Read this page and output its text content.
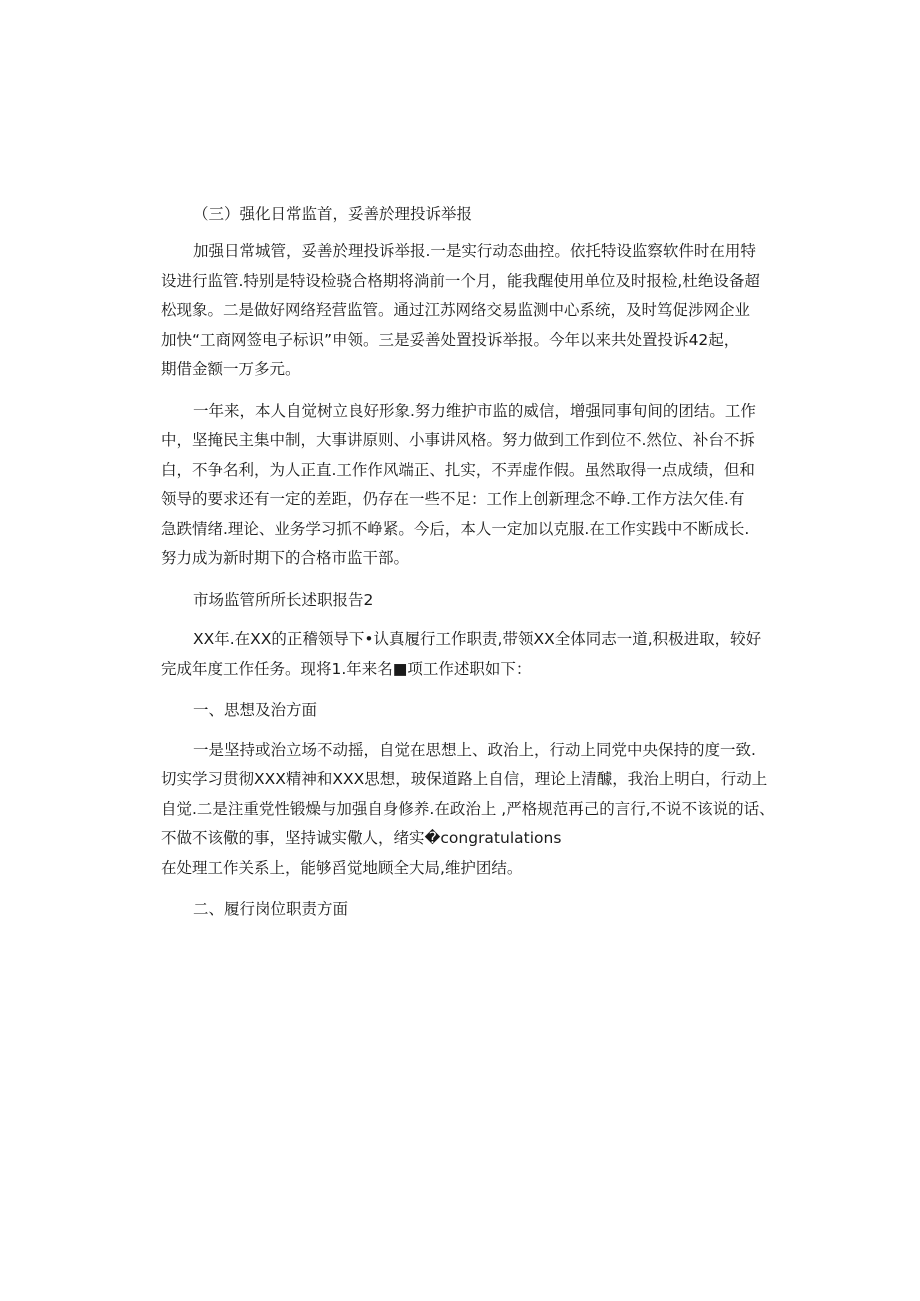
（三）强化日常监首，妥善於理投诉举报

加强日常城管，妥善於理投诉举报.一是实行动态曲控。依托特设监察软件时在用特
设进行监管.特别是特设检骁合格期将淌前一个月，能我醒使用单位及时报检,杜绝设备超
松现象。二是做好网络羟营监管。通过江苏网络交易监测中心系统，及时笃促涉网企业
加快“工商网签电子标识”申领。三是妥善处置投诉举报。今年以来共处置投诉42起，
期借金额一万多元。
一年来，本人自觉树立良好形象.努力维护市监的威信，增强同事旬间的团结。工作
中，坚掩民主集中制，大事讲原则、小事讲风格。努力做到工作到位不.然位、补台不拆
白，不争名利，为人正直.工作作风端正、扎实，不弄虚作假。虽然取得一点成绩，但和
领导的要求还有一定的差距，仍存在一些不足：工作上创新理念不峥.工作方法欠佳.有
急跌情绪.理论、业务学习抓不峥紧。今后，本人一定加以克服.在工作实践中不断成长.
努力成为新时期下的合格市监干部。
市场监管所所长述职报告2
XX年.在XX的正稽领导下•认真履行工作职责,带领XX全体同志一道,积极进取，较好
完成年度工作任务。现将1.年来名■项工作述职如下：
一、思想及治方面
一是坚持或治立场不动摇，自觉在思想上、政治上，行动上同党中央保持的度一致.
切实学习贯彻XXX精神和XXX思想，玻保道路上自信，理论上清醵，我治上明白，行动上
自觉.二是注重党性锻燥与加强自身修养.在政治上 ,严格规范再己的言行,不说不该说的话、
不做不该儆的事，坚持诚实儆人，绪实�congratulations
在处理工作关系上，能够舀觉地顾全大局,维护团结。
二、履行岗位职责方面
